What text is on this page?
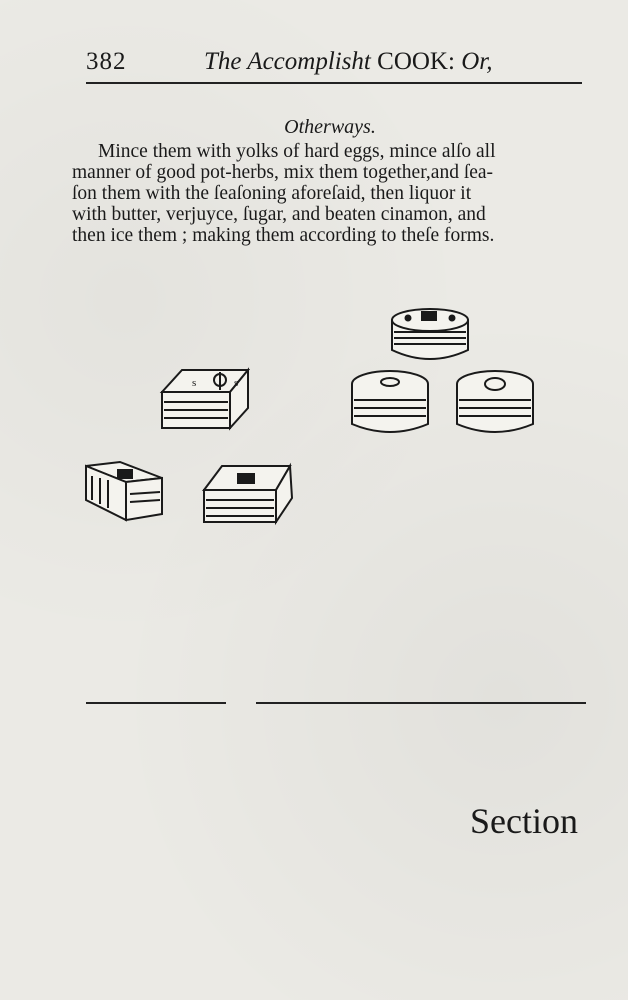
382	The Accomplisht COOK: Or,

Otherways.

Mince them with yolks of hard eggs, mince alſo all
manner of good pot-herbs, mix them together,and ſea-
ſon them with the ſeaſoning aforeſaid, then liquor it
with butter, verjuyce, ſugar, and beaten cinamon, and
then ice them ; making them according to theſe forms.
s	s
Section
